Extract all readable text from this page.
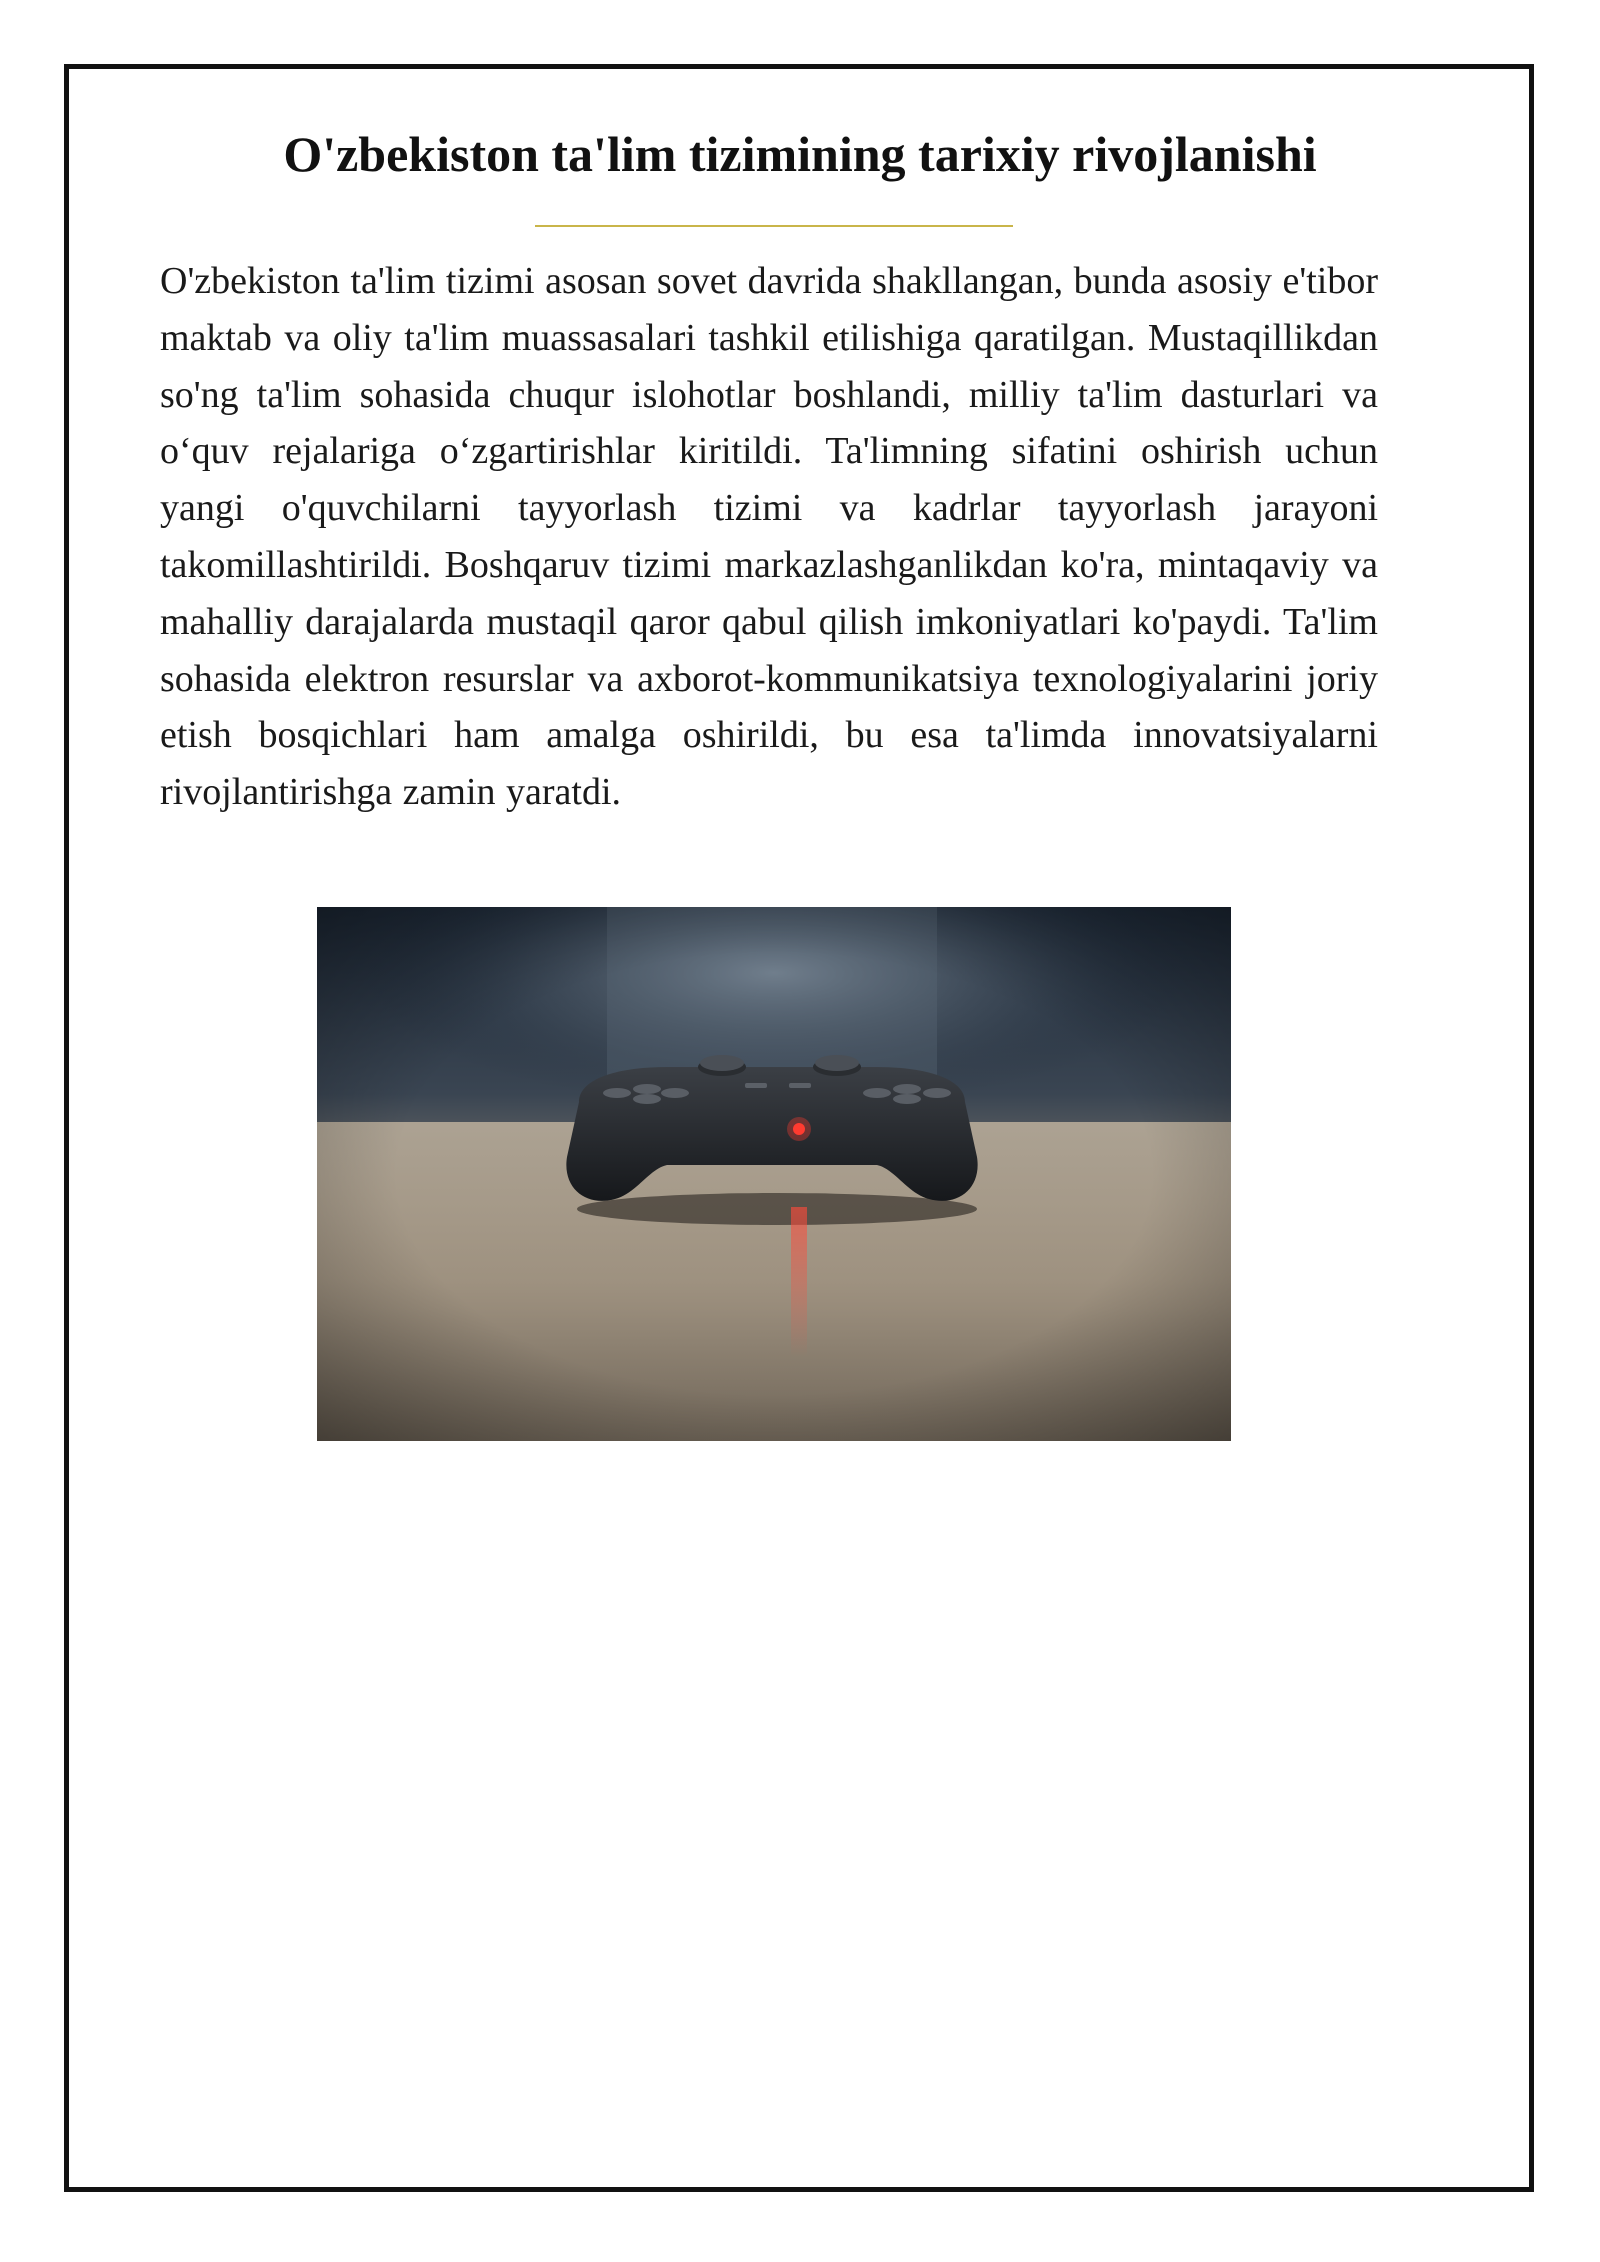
O'zbekiston ta'lim tizimining tarixiy rivojlanishi

O'zbekiston ta'lim tizimi asosan sovet davrida shakllangan, bunda asosiy e'tibor maktab va oliy ta'lim muassasalari tashkil etilishiga qaratilgan. Mustaqillikdan so'ng ta'lim sohasida chuqur islohotlar boshlandi, milliy ta'lim dasturlari va o‘quv rejalariga o‘zgartirishlar kiritildi. Ta'limning sifatini oshirish uchun yangi o'quvchilarni tayyorlash tizimi va kadrlar tayyorlash jarayoni takomillashtirildi. Boshqaruv tizimi markazlashganlikdan ko'ra, mintaqaviy va mahalliy darajalarda mustaqil qaror qabul qilish imkoniyatlari ko'paydi. Ta'lim sohasida elektron resurslar va axborot-kommunikatsiya texnologiyalarini joriy etish bosqichlari ham amalga oshirildi, bu esa ta'limda innovatsiyalarni rivojlantirishga zamin yaratdi.
